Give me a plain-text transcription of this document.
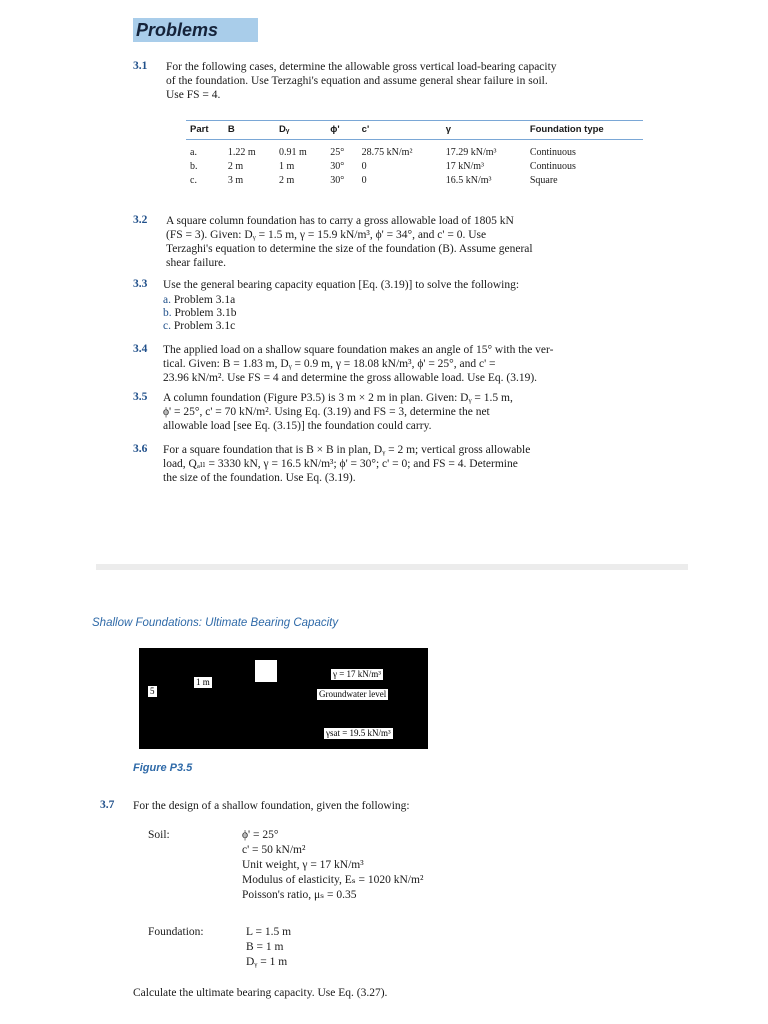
Problems
3.1 For the following cases, determine the allowable gross vertical load-bearing capacity
of the foundation. Use Terzaghi's equation and assume general shear failure in soil.
Use FS = 4.
Part	B	Dᵧ	ϕ'	c'	γ	Foundation type

a.	1.22 m	0.91 m	25°	28.75 kN/m²	17.29 kN/m³	Continuous
b.	2 m	1 m	30°	0	17 kN/m³	Continuous
c.	3 m	2 m	30°	0	16.5 kN/m³	Square
3.2 A square column foundation has to carry a gross allowable load of 1805 kN
(FS = 3). Given: Dᵧ = 1.5 m, γ = 15.9 kN/m³, ϕ' = 34°, and c' = 0. Use
Terzaghi's equation to determine the size of the foundation (B). Assume general
shear failure.
3.3 Use the general bearing capacity equation [Eq. (3.19)] to solve the following:
a. Problem 3.1a
b. Problem 3.1b
c. Problem 3.1c
3.4 The applied load on a shallow square foundation makes an angle of 15° with the ver-
tical. Given: B = 1.83 m, Dᵧ = 0.9 m, γ = 18.08 kN/m³, ϕ' = 25°, and c' =
23.96 kN/m². Use FS = 4 and determine the gross allowable load. Use Eq. (3.19).
3.5 A column foundation (Figure P3.5) is 3 m × 2 m in plan. Given: Dᵧ = 1.5 m,
ϕ' = 25°, c' = 70 kN/m². Using Eq. (3.19) and FS = 3, determine the net
allowable load [see Eq. (3.15)] the foundation could carry.
3.6 For a square foundation that is B × B in plan, Dᵧ = 2 m; vertical gross allowable
load, Qₐₗₗ = 3330 kN, γ = 16.5 kN/m³; ϕ' = 30°; c' = 0; and FS = 4. Determine
the size of the foundation. Use Eq. (3.19).
Shallow Foundations: Ultimate Bearing Capacity
1 m
5
γ = 17 kN/m³
Groundwater level
γsat = 19.5 kN/m³
Figure P3.5
3.7 For the design of a shallow foundation, given the following:
Soil:	ϕ' = 25°
c' = 50 kN/m²
Unit weight, γ = 17 kN/m³
Modulus of elasticity, Eₛ = 1020 kN/m²
Poisson's ratio, μₛ = 0.35
Foundation:	L = 1.5 m
B = 1 m
Dᵧ = 1 m
Calculate the ultimate bearing capacity. Use Eq. (3.27).
